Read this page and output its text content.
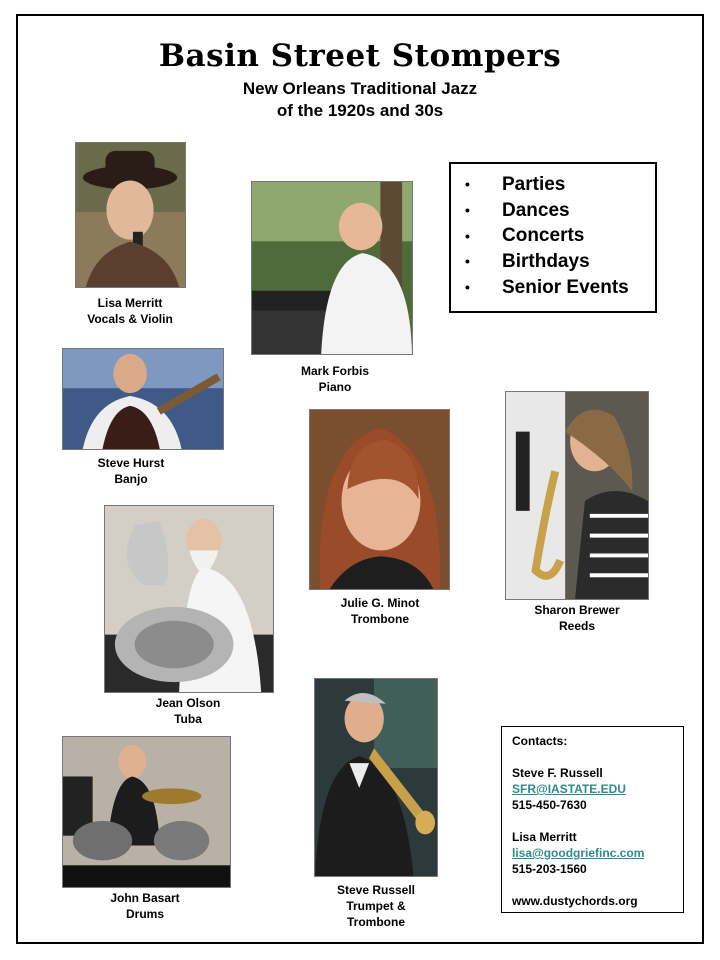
Basin Street Stompers
New Orleans Traditional Jazz
of the 1920s and 30s
Lisa Merritt
Vocals & Violin
Mark Forbis
Piano
• Parties
• Dances
• Concerts
• Birthdays
• Senior Events
Steve Hurst
Banjo
Julie G. Minot
Trombone
Sharon Brewer
Reeds
Jean Olson
Tuba
John Basart
Drums
Steve Russell
Trumpet &
Trombone
Contacts:
Steve F. Russell
SFR@IASTATE.EDU
515-450-7630
Lisa Merritt
lisa@goodgriefinc.com
515-203-1560
www.dustychords.org
